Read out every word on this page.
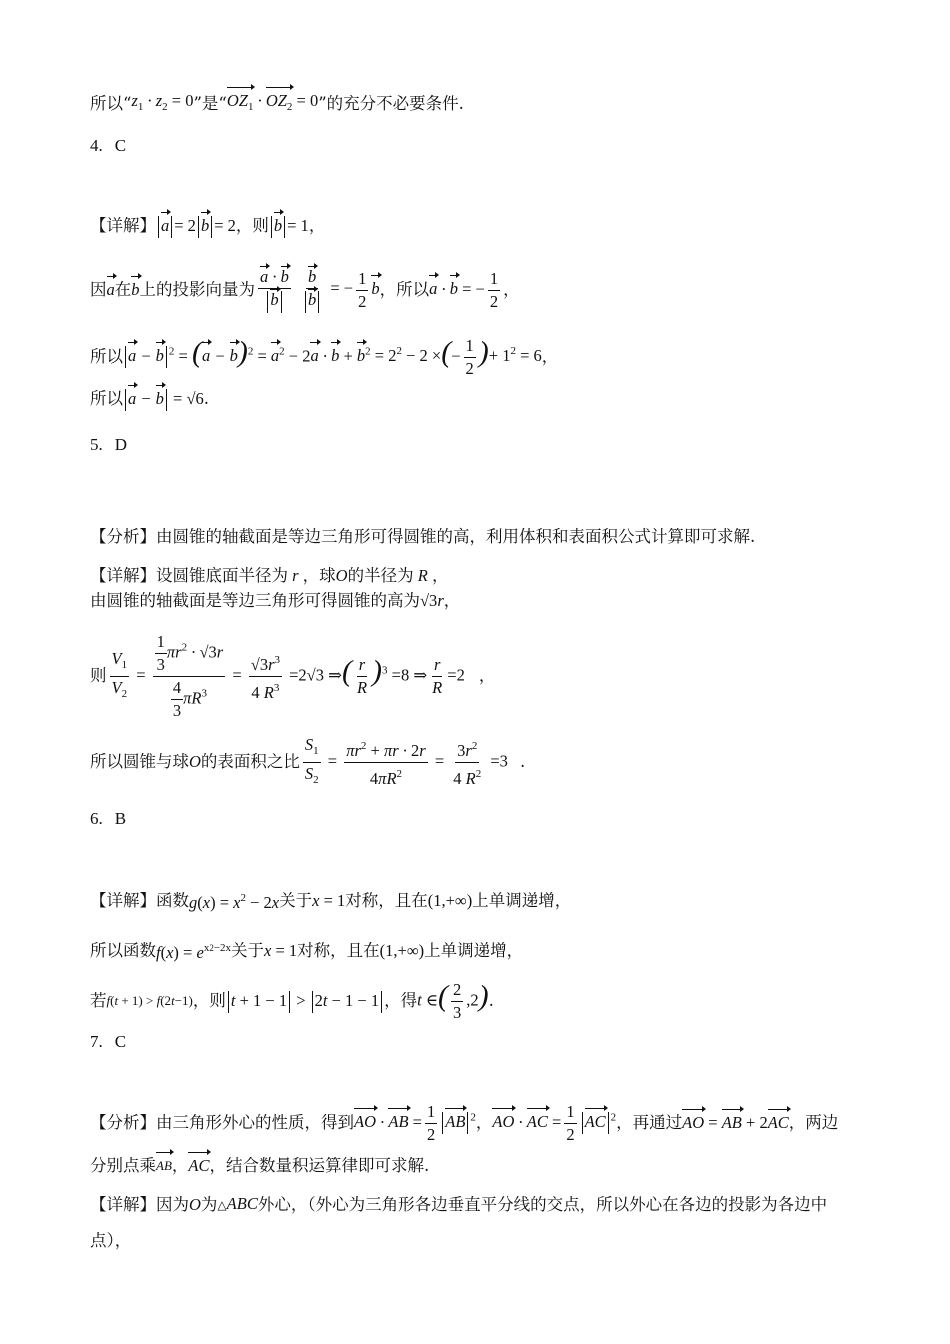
所以“ $z_1 \cdot z_2 = 0$ ”是“ $OZ_1 \cdot OZ_2 = 0$ ”的充分不必要条件.
4. C
【详解】 a = 2 b = 2 ，则 b = 1 ，
因 a 在 b 上的投影向量为 $\frac{a \cdot b}{b}$
$\frac{b}{b}$ = − $\frac{1}{2}$ b ，所以 a · b = − $\frac{1}{2}$ ，
所以 a − b $^2 = (a - b)^2 = a^2 - 2a \cdot b + b^2 = 2^2 - 2$ ×(− $\frac{1}{2}$ )+ $1^2 = 6$ ，
所以 a − b = √6 .
5. D
【分析】 由圆锥的轴截面是等边三角形可得圆锥的高，利用体积和表面积公式计算即可求解.
【详解】 设圆锥底面半径为 r ，球 O 的半径为 R ，
由圆锥的轴截面是等边三角形可得圆锥的高为 √3r ，
则 $\frac{V_1}{V_2} = \frac{\frac{1}{3} \pi r^2 \cdot √3r}{\frac{4}{3} \pi R^3} = \frac{√3r^3}{4 R^3} =2√3$ ⇒( $\frac{r}{R} )^3 =8$ ⇒ $\frac{r}{R} =2$ ，
所以圆锥与球 O 的表面积之比 $\frac{S_1}{S_2} = \frac{\pi r^2 + \pi r \cdot 2r}{4\pi R^2} = \frac{3r^2}{4 R^2} =3$ .
6. B
【详解】 函数 $g(x) = x^2 - 2x$ 关于 x = 1 对称，且在 (1,+∞) 上单调递增，
所以函数 $f(x) = e^{x2-2x}$ 关于 x = 1 对称，且在 (1,+∞) 上单调递增，
若 f(t + 1) > f(2t−1) ，则 t + 1 − 1 > 2t − 1 − 1 ，得 t ∈( $\frac{2}{3} ,2$) .
7. C
【分析】 由三角形外心的性质，得到 AO · AB = $\frac{1}{2}$ AB $^2$ ， AO · AC = $\frac{1}{2}$ AC $^2$ ，再通过 AO = AB + 2AC ，两边
分别点乘 AB ， AC ，结合数量积运算律即可求解.
【详解】 因为 O 为 △ABC 外心，（外心为三角形各边垂直平分线的交点，所以外心在各边的投影为各边中
点），
